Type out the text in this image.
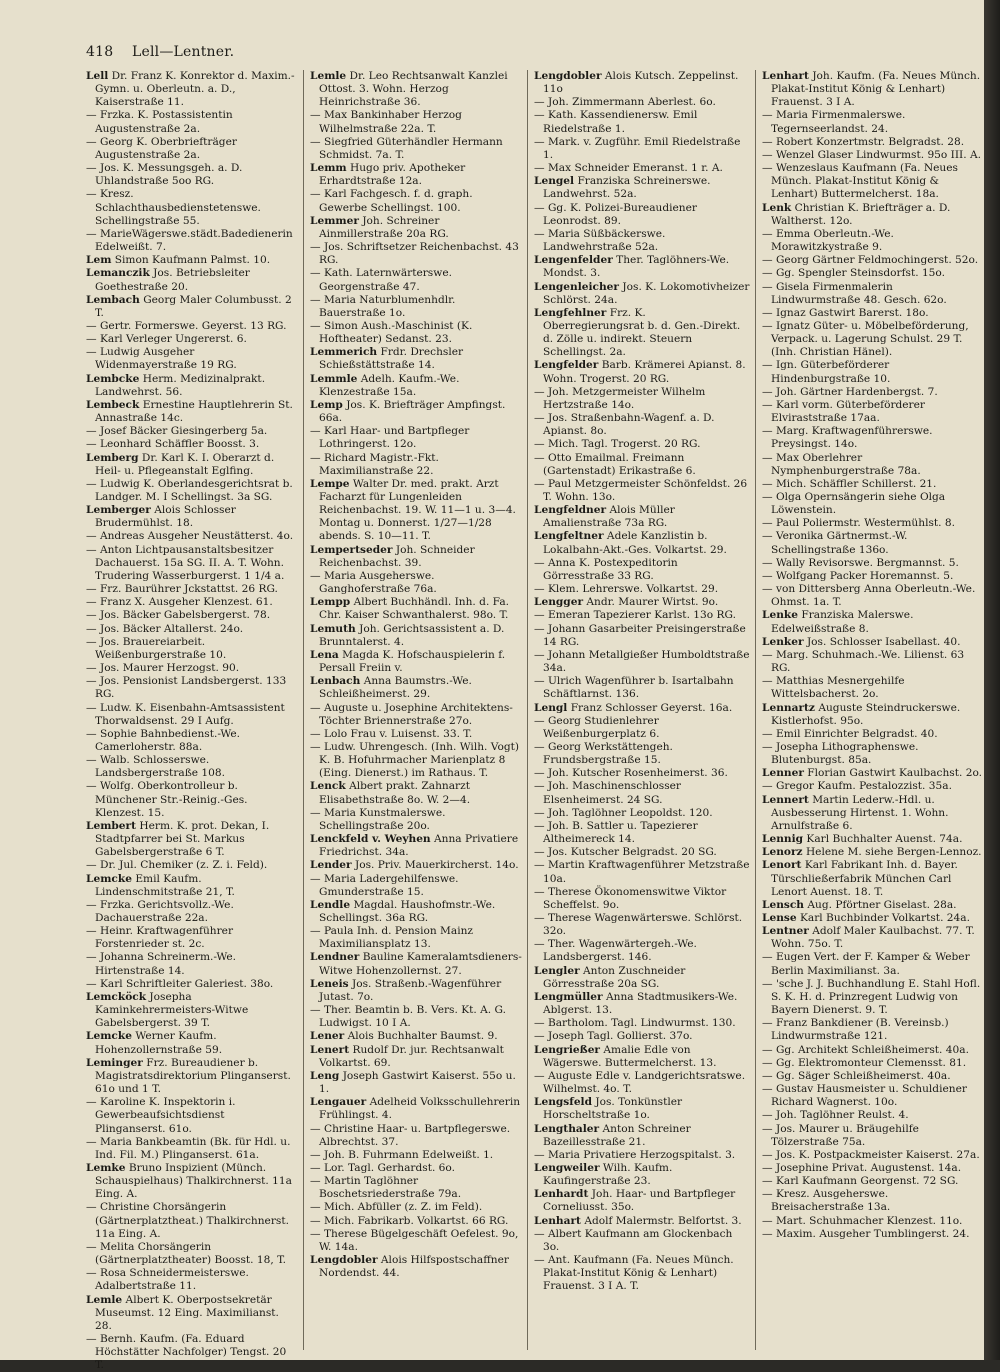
418 Lell—Lentner.

Lell Dr. Franz K. Konrektor d. Maxim.-Gymn. u. Oberleutn. a. D., Kaiserstraße 11.

— Frzka. K. Postassistentin Augustenstraße 2a.

— Georg K. Oberbriefträger Augustenstraße 2a.

— Jos. K. Messungsgeh. a. D. Uhlandstraße 5oo RG.

— Kresz. Schlachthausbedienstetenswe. Schellingstraße 55.

— MarieWägerswe.städt.Badedienerin Edelweißt. 7.

Lem Simon Kaufmann Palmst. 10.

Lemanczik Jos. Betriebsleiter Goethestraße 20.

Lembach Georg Maler Columbusst. 2 T.

— Gertr. Formerswe. Geyerst. 13 RG.

— Karl Verleger Ungererst. 6.

— Ludwig Ausgeher Widenmayerstraße 19 RG.

Lembcke Herm. Medizinalprakt. Landwehrst. 56.

Lembeck Ernestine Hauptlehrerin St. Annastraße 14c.

— Josef Bäcker Giesingerberg 5a.

— Leonhard Schäffler Boosst. 3.

Lemberg Dr. Karl K. I. Oberarzt d. Heil- u. Pflegeanstalt Eglfing.

— Ludwig K. Oberlandesgerichtsrat b. Landger. M. I Schellingst. 3a SG.

Lemberger Alois Schlosser Brudermühlst. 18.

— Andreas Ausgeher Neustätterst. 4o.

— Anton Lichtpausanstaltsbesitzer Dachauerst. 15a SG. II. A. T. Wohn. Trudering Wasserburgerst. 1 1/4 a.

— Frz. Baurührer Jckstattst. 26 RG.

— Franz X. Ausgeher Klenzest. 61.

— Jos. Bäcker Gabelsbergerst. 78.

— Jos. Bäcker Altallerst. 24o.

— Jos. Brauereiarbeit. Weißenburgerstraße 10.

— Jos. Maurer Herzogst. 90.

— Jos. Pensionist Landsbergerst. 133 RG.

— Ludw. K. Eisenbahn-Amtsassistent Thorwaldsenst. 29 I Aufg.

— Sophie Bahnbedienst.-We. Camerloherstr. 88a.

— Walb. Schlosserswe. Landsbergerstraße 108.

— Wolfg. Oberkontrolleur b. Münchener Str.-Reinig.-Ges. Klenzest. 15.

Lembert Herm. K. prot. Dekan, I. Stadtpfarrer bei St. Markus Gabelsbergerstraße 6 T.

— Dr. Jul. Chemiker (z. Z. i. Feld).

Lemcke Emil Kaufm. Lindenschmitstraße 21, T.

— Frzka. Gerichtsvollz.-We. Dachauerstraße 22a.

— Heinr. Kraftwagenführer Forstenrieder st. 2c.

— Johanna Schreinerm.-We. Hirtenstraße 14.

— Karl Schriftleiter Galeriest. 38o.

Lemcköck Josepha Kaminkehrermeisters-Witwe Gabelsbergerst. 39 T.

Lemcke Werner Kaufm. Hohenzollernstraße 59.

Leminger Frz. Bureaudiener b. Magistratsdirektorium Plinganserst. 61o und 1 T.

— Karoline K. Inspektorin i. Gewerbeaufsichtsdienst Plinganserst. 61o.

— Maria Bankbeamtin (Bk. für Hdl. u. Ind. Fil. M.) Plinganserst. 61a.

Lemke Bruno Inspizient (Münch. Schauspielhaus) Thalkirchnerst. 11a Eing. A.

— Christine Chorsängerin (Gärtnerplatztheat.) Thalkirchnerst. 11a Eing. A.

— Melita Chorsängerin (Gärtnerplatztheater) Boosst. 18, T.

— Rosa Schneidermeisterswe. Adalbertstraße 11.

Lemle Albert K. Oberpostsekretär Museumst. 12 Eing. Maximilianst. 28.

— Bernh. Kaufm. (Fa. Eduard Höchstätter Nachfolger) Tengst. 20 T.

Lemle Dr. Leo Rechtsanwalt Kanzlei Ottost. 3. Wohn. Herzog Heinrichstraße 36.

— Max Bankinhaber Herzog Wilhelmstraße 22a. T.

— Siegfried Güterhändler Hermann Schmidst. 7a. T.

Lemm Hugo priv. Apotheker Erhardtstraße 12a.

— Karl Fachgesch. f. d. graph. Gewerbe Schellingst. 100.

Lemmer Joh. Schreiner Ainmillerstraße 20a RG.

— Jos. Schriftsetzer Reichenbachst. 43 RG.

— Kath. Laternwärterswe. Georgenstraße 47.

— Maria Naturblumenhdlr. Bauerstraße 1o.

— Simon Aush.-Maschinist (K. Hoftheater) Sedanst. 23.

Lemmerich Frdr. Drechsler Schießstättstraße 14.

Lemmle Adelh. Kaufm.-We. Klenzestraße 15a.

Lemp Jos. K. Briefträger Ampfingst. 66a.

— Karl Haar- und Bartpfleger Lothringerst. 12o.

— Richard Magistr.-Fkt. Maximilianstraße 22.

Lempe Walter Dr. med. prakt. Arzt Facharzt für Lungenleiden Reichenbachst. 19. W. 11—1 u. 3—4. Montag u. Donnerst. 1/27—1/28 abends. S. 10—11. T.

Lempertseder Joh. Schneider Reichenbachst. 39.

— Maria Ausgeherswe. Ganghoferstraße 76a.

Lempp Albert Buchhändl. Inh. d. Fa. Chr. Kaiser Schwanthalerst. 98o. T.

Lemuth Joh. Gerichtsassistent a. D. Brunntalerst. 4.

Lena Magda K. Hofschauspielerin f. Persall Freiin v.

Lenbach Anna Baumstrs.-We. Schleißheimerst. 29.

— Auguste u. Josephine Architektens-Töchter Briennerstraße 27o.

— Lolo Frau v. Luisenst. 33. T.

— Ludw. Uhrengesch. (Inh. Wilh. Vogt) K. B. Hofuhrmacher Marienplatz 8 (Eing. Dienerst.) im Rathaus. T.

Lenck Albert prakt. Zahnarzt Elisabethstraße 8o. W. 2—4.

— Maria Kunstmalerswe. Schellingstraße 20o.

Lenckfeld v. Weyhen Anna Privatiere Friedrichst. 34a.

Lender Jos. Priv. Mauerkircherst. 14o.

— Maria Ladergehilfenswe. Gmunderstraße 15.

Lendle Magdal. Haushofmstr.-We. Schellingst. 36a RG.

— Paula Inh. d. Pension Mainz Maximiliansplatz 13.

Lendner Bauline Kameralamtsdieners-Witwe Hohenzollernst. 27.

Leneis Jos. Straßenb.-Wagenführer Jutast. 7o.

— Ther. Beamtin b. B. Vers. Kt. A. G. Ludwigst. 10 I A.

Lener Alois Buchhalter Baumst. 9.

Lenert Rudolf Dr. jur. Rechtsanwalt Volkartst. 69.

Leng Joseph Gastwirt Kaiserst. 55o u. 1.

Lengauer Adelheid Volksschullehrerin Frühlingst. 4.

— Christine Haar- u. Bartpflegerswe. Albrechtst. 37.

— Joh. B. Fuhrmann Edelweißt. 1.

— Lor. Tagl. Gerhardst. 6o.

— Martin Taglöhner Boschetsriederstraße 79a.

— Mich. Abfüller (z. Z. im Feld).

— Mich. Fabrikarb. Volkartst. 66 RG.

— Therese Bügelgeschäft Oefelest. 9o, W. 14a.

Lengdobler Alois Hilfspostschaffner Nordendst. 44.

Lengdobler Alois Kutsch. Zeppelinst. 11o

— Joh. Zimmermann Aberlest. 6o.

— Kath. Kassendienersw. Emil Riedelstraße 1.

— Mark. v. Zugführ. Emil Riedelstraße 1.

— Max Schneider Emeranst. 1 r. A.

Lengel Franziska Schreinerswe. Landwehrst. 52a.

— Gg. K. Polizei-Bureaudiener Leonrodst. 89.

— Maria Süßbäckerswe. Landwehrstraße 52a.

Lengenfelder Ther. Taglöhners-We. Mondst. 3.

Lengenleicher Jos. K. Lokomotivheizer Schlörst. 24a.

Lengfehlner Frz. K. Oberregierungsrat b. d. Gen.-Direkt. d. Zölle u. indirekt. Steuern Schellingst. 2a.

Lengfelder Barb. Krämerei Apianst. 8. Wohn. Trogerst. 20 RG.

— Joh. Metzgermeister Wilhelm Hertzstraße 14o.

— Jos. Straßenbahn-Wagenf. a. D. Apianst. 8o.

— Mich. Tagl. Trogerst. 20 RG.

— Otto Emailmal. Freimann (Gartenstadt) Erikastraße 6.

— Paul Metzgermeister Schönfeldst. 26 T. Wohn. 13o.

Lengfeldner Alois Müller Amalienstraße 73a RG.

Lengfeltner Adele Kanzlistin b. Lokalbahn-Akt.-Ges. Volkartst. 29.

— Anna K. Postexpeditorin Görresstraße 33 RG.

— Klem. Lehrerswe. Volkartst. 29.

Lengger Andr. Maurer Wirtst. 9o.

— Emeran Tapezierer Karlst. 13o RG.

— Johann Gasarbeiter Preisingerstraße 14 RG.

— Johann Metallgießer Humboldtstraße 34a.

— Ulrich Wagenführer b. Isartalbahn Schäftlarnst. 136.

Lengl Franz Schlosser Geyerst. 16a.

— Georg Studienlehrer Weißenburgerplatz 6.

— Georg Werkstättengeh. Frundsbergstraße 15.

— Joh. Kutscher Rosenheimerst. 36.

— Joh. Maschinenschlosser Elsenheimerst. 24 SG.

— Joh. Taglöhner Leopoldst. 120.

— Joh. B. Sattler u. Tapezierer Altheimereck 14.

— Jos. Kutscher Belgradst. 20 SG.

— Martin Kraftwagenführer Metzstraße 10a.

— Therese Ökonomenswitwe Viktor Scheffelst. 9o.

— Therese Wagenwärterswe. Schlörst. 32o.

— Ther. Wagenwärtergeh.-We. Landsbergerst. 146.

Lengler Anton Zuschneider Görresstraße 20a SG.

Lengmüller Anna Stadtmusikers-We. Ablgerst. 13.

— Bartholom. Tagl. Lindwurmst. 130.

— Joseph Tagl. Gollierst. 37o.

Lengrießer Amalie Edle von Wägerswe. Buttermelcherst. 13.

— Auguste Edle v. Landgerichtsratswe. Wilhelmst. 4o. T.

Lengsfeld Jos. Tonkünstler Horscheltstraße 1o.

Lengthaler Anton Schreiner Bazeillesstraße 21.

— Maria Privatiere Herzogspitalst. 3.

Lengweiler Wilh. Kaufm. Kaufingerstraße 23.

Lenhardt Joh. Haar- und Bartpfleger Corneliusst. 35o.

Lenhart Adolf Malermstr. Belfortst. 3.

— Albert Kaufmann am Glockenbach 3o.

— Ant. Kaufmann (Fa. Neues Münch. Plakat-Institut König & Lenhart) Frauenst. 3 I A. T.

Lenhart Joh. Kaufm. (Fa. Neues Münch. Plakat-Institut König & Lenhart) Frauenst. 3 I A.

— Maria Firmenmalerswe. Tegernseerlandst. 24.

— Robert Konzertmstr. Belgradst. 28.

— Wenzel Glaser Lindwurmst. 95o III. A.

— Wenzeslaus Kaufmann (Fa. Neues Münch. Plakat-Institut König & Lenhart) Buttermelcherst. 18a.

Lenk Christian K. Briefträger a. D. Waltherst. 12o.

— Emma Oberleutn.-We. Morawitzkystraße 9.

— Georg Gärtner Feldmochingerst. 52o.

— Gg. Spengler Steinsdorfst. 15o.

— Gisela Firmenmalerin Lindwurmstraße 48. Gesch. 62o.

— Ignaz Gastwirt Barerst. 18o.

— Ignatz Güter- u. Möbelbeförderung, Verpack. u. Lagerung Schulst. 29 T. (Inh. Christian Hänel).

— Ign. Güterbeförderer Hindenburgstraße 10.

— Joh. Gärtner Hardenbergst. 7.

— Karl vorm. Güterbeförderer Elviraststraße 17aa.

— Marg. Kraftwagenführerswe. Preysingst. 14o.

— Max Oberlehrer Nymphenburgerstraße 78a.

— Mich. Schäffler Schillerst. 21.

— Olga Opernsängerin siehe Olga Löwenstein.

— Paul Poliermstr. Westermühlst. 8.

— Veronika Gärtnermst.-W. Schellingstraße 136o.

— Wally Revisorswe. Bergmannst. 5.

— Wolfgang Packer Horemannst. 5.

— von Dittersberg Anna Oberleutn.-We. Ohmst. 1a. T.

Lenke Franziska Malerswe. Edelweißstraße 8.

Lenker Jos. Schlosser Isabellast. 40.

— Marg. Schuhmach.-We. Lilienst. 63 RG.

— Matthias Mesnergehilfe Wittelsbacherst. 2o.

Lennartz Auguste Steindruckerswe. Kistlerhofst. 95o.

— Emil Einrichter Belgradst. 40.

— Josepha Lithographenswe. Blutenburgst. 85a.

Lenner Florian Gastwirt Kaulbachst. 2o.

— Gregor Kaufm. Pestalozzist. 35a.

Lennert Martin Lederw.-Hdl. u. Ausbesserung Hirtenst. 1. Wohn. Arnulfstraße 6.

Lennig Karl Buchhalter Auenst. 74a.

Lenorz Helene M. siehe Bergen-Lennoz.

Lenort Karl Fabrikant Inh. d. Bayer. Türschließerfabrik München Carl Lenort Auenst. 18. T.

Lensch Aug. Pförtner Giselast. 28a.

Lense Karl Buchbinder Volkartst. 24a.

Lentner Adolf Maler Kaulbachst. 77. T. Wohn. 75o. T.

— Eugen Vert. der F. Kamper & Weber Berlin Maximilianst. 3a.

— 'sche J. J. Buchhandlung E. Stahl Hofl. S. K. H. d. Prinzregent Ludwig von Bayern Dienerst. 9. T.

— Franz Bankdiener (B. Vereinsb.) Lindwurmstraße 121.

— Gg. Architekt Schleißheimerst. 40a.

— Gg. Elektromonteur Clemensst. 81.

— Gg. Säger Schleißheimerst. 40a.

— Gustav Hausmeister u. Schuldiener Richard Wagnerst. 10o.

— Joh. Taglöhner Reulst. 4.

— Jos. Maurer u. Bräugehilfe Tölzerstraße 75a.

— Jos. K. Postpackmeister Kaiserst. 27a.

— Josephine Privat. Augustenst. 14a.

— Karl Kaufmann Georgenst. 72 SG.

— Kresz. Ausgeherswe. Breisacherstraße 13a.

— Mart. Schuhmacher Klenzest. 11o.

— Maxim. Ausgeher Tumblingerst. 24.
